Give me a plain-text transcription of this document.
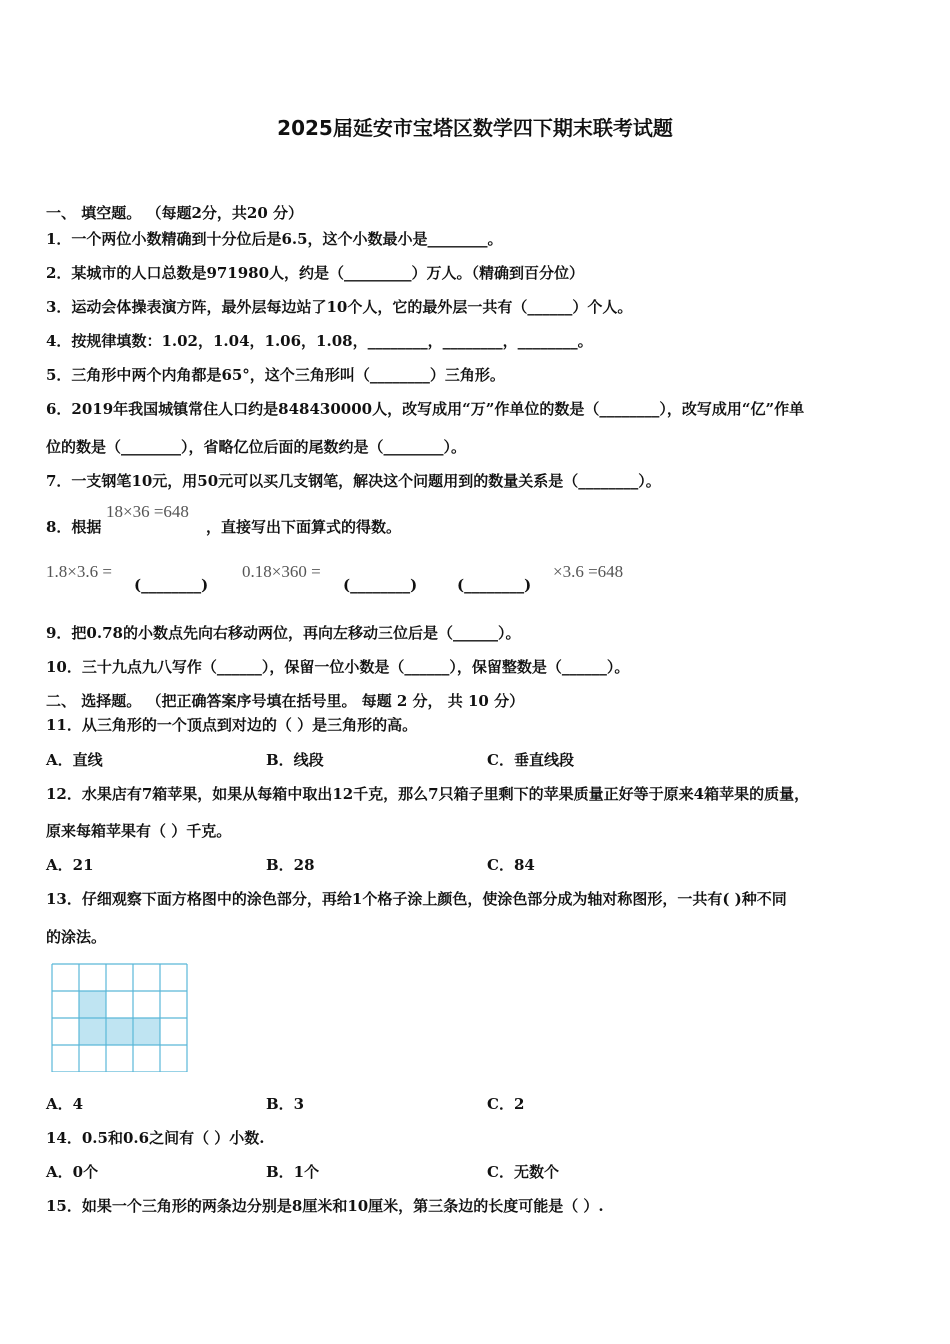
2025届延安市宝塔区数学四下期末联考试题
一、 填空题。 （每题2分，共20 分）
1．一个两位小数精确到十分位后是6.5，这个小数最小是________。
2．某城市的人口总数是971980人，约是（_________）万人。（精确到百分位）
3．运动会体操表演方阵，最外层每边站了10个人，它的最外层一共有（______）个人。
4．按规律填数：1.02，1.04，1.06，1.08，________，________，________。
5．三角形中两个内角都是65°，这个三角形叫（________）三角形。
6．2019年我国城镇常住人口约是848430000人，改写成用“万”作单位的数是（________），改写成用“亿”作单
位的数是（________），省略亿位后面的尾数约是（________）。
7．一支钢笔10元，用50元可以买几支钢笔，解决这个问题用到的数量关系是（________）。
8．根据
18×36 =648
，直接写出下面算式的得数。
1.8×3.6 =
(________)
0.18×360 =
(________)	(________)
×3.6 =648
9．把0.78的小数点先向右移动两位，再向左移动三位后是（______）。
10．三十九点九八写作（______），保留一位小数是（______），保留整数是（______）。
二、 选择题。 （把正确答案序号填在括号里。 每题 2 分， 共 10 分）
11．从三角形的一个顶点到对边的（ ）是三角形的高。
A．直线	B．线段	C．垂直线段
12．水果店有7箱苹果，如果从每箱中取出12千克，那么7只箱子里剩下的苹果质量正好等于原来4箱苹果的质量，
原来每箱苹果有（ ）千克。
A．21	B．28	C．84
13．仔细观察下面方格图中的涂色部分，再给1个格子涂上颜色，使涂色部分成为轴对称图形，一共有( )种不同
的涂法。
A．4	B．3	C．2
14．0.5和0.6之间有（ ）小数.
A．0个	B．1个	C．无数个
15．如果一个三角形的两条边分别是8厘米和10厘米，第三条边的长度可能是（ ）.
